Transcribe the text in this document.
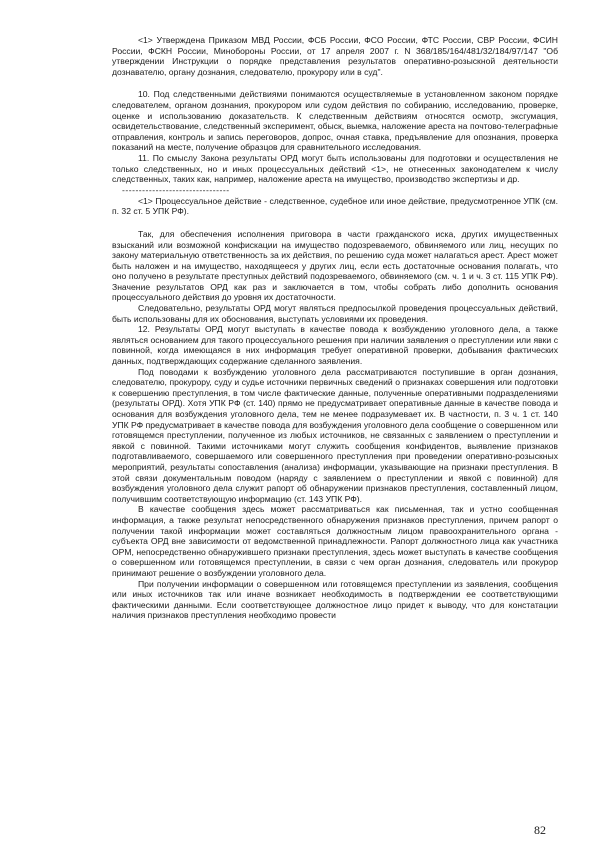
<1> Утверждена Приказом МВД России, ФСБ России, ФСО России, ФТС России, СВР России, ФСИН России, ФСКН России, Минобороны России, от 17 апреля 2007 г. N 368/185/164/481/32/184/97/147 "Об утверждении Инструкции о порядке представления результатов оперативно-розыскной деятельности дознавателю, органу дознания, следователю, прокурору или в суд".

10. Под следственными действиями понимаются осуществляемые в установленном законом порядке следователем, органом дознания, прокурором или судом действия по собиранию, исследованию, проверке, оценке и использованию доказательств. К следственным действиям относятся осмотр, эксгумация, освидетельствование, следственный эксперимент, обыск, выемка, наложение ареста на почтово-телеграфные отправления, контроль и запись переговоров, допрос, очная ставка, предъявление для опознания, проверка показаний на месте, получение образцов для сравнительного исследования.

11. По смыслу Закона результаты ОРД могут быть использованы для подготовки и осуществления не только следственных, но и иных процессуальных действий <1>, не отнесенных законодателем к числу следственных, таких как, например, наложение ареста на имущество, производство экспертизы и др.

--------------------------------

<1> Процессуальное действие - следственное, судебное или иное действие, предусмотренное УПК (см. п. 32 ст. 5 УПК РФ).

Так, для обеспечения исполнения приговора в части гражданского иска, других имущественных взысканий или возможной конфискации на имущество подозреваемого, обвиняемого или лиц, несущих по закону материальную ответственность за их действия, по решению суда может налагаться арест. Арест может быть наложен и на имущество, находящееся у других лиц, если есть достаточные основания полагать, что оно получено в результате преступных действий подозреваемого, обвиняемого (см. ч. 1 и ч. 3 ст. 115 УПК РФ). Значение результатов ОРД как раз и заключается в том, чтобы собрать либо дополнить основания процессуального действия до уровня их достаточности.

Следовательно, результаты ОРД могут являться предпосылкой проведения процессуальных действий, быть использованы для их обоснования, выступать условиями их проведения.

12. Результаты ОРД могут выступать в качестве повода к возбуждению уголовного дела, а также являться основанием для такого процессуального решения при наличии заявления о преступлении или явки с повинной, когда имеющаяся в них информация требует оперативной проверки, добывания фактических данных, подтверждающих содержание сделанного заявления.

Под поводами к возбуждению уголовного дела рассматриваются поступившие в орган дознания, следователю, прокурору, суду и судье источники первичных сведений о признаках совершения или подготовки к совершению преступления, в том числе фактические данные, полученные оперативными подразделениями (результаты ОРД). Хотя УПК РФ (ст. 140) прямо не предусматривает оперативные данные в качестве повода и основания для возбуждения уголовного дела, тем не менее подразумевает их. В частности, п. 3 ч. 1 ст. 140 УПК РФ предусматривает в качестве повода для возбуждения уголовного дела сообщение о совершенном или готовящемся преступлении, полученное из любых источников, не связанных с заявлением о преступлении и явкой с повинной. Такими источниками могут служить сообщения конфидентов, выявление признаков подготавливаемого, совершаемого или совершенного преступления при проведении оперативно-розыскных мероприятий, результаты сопоставления (анализа) информации, указывающие на признаки преступления. В этой связи документальным поводом (наряду с заявлением о преступлении и явкой с повинной) для возбуждения уголовного дела служит рапорт об обнаружении признаков преступления, составленный лицом, получившим соответствующую информацию (ст. 143 УПК РФ).

В качестве сообщения здесь может рассматриваться как письменная, так и устно сообщенная информация, а также результат непосредственного обнаружения признаков преступления, причем рапорт о получении такой информации может составляться должностным лицом правоохранительного органа - субъекта ОРД вне зависимости от ведомственной принадлежности. Рапорт должностного лица как участника ОРМ, непосредственно обнаружившего признаки преступления, здесь может выступать в качестве сообщения о совершенном или готовящемся преступлении, в связи с чем орган дознания, следователь или прокурор принимают решение о возбуждении уголовного дела.

При получении информации о совершенном или готовящемся преступлении из заявления, сообщения или иных источников так или иначе возникает необходимость в подтверждении ее соответствующими фактическими данными. Если соответствующее должностное лицо придет к выводу, что для констатации наличия признаков преступления необходимо провести

82
